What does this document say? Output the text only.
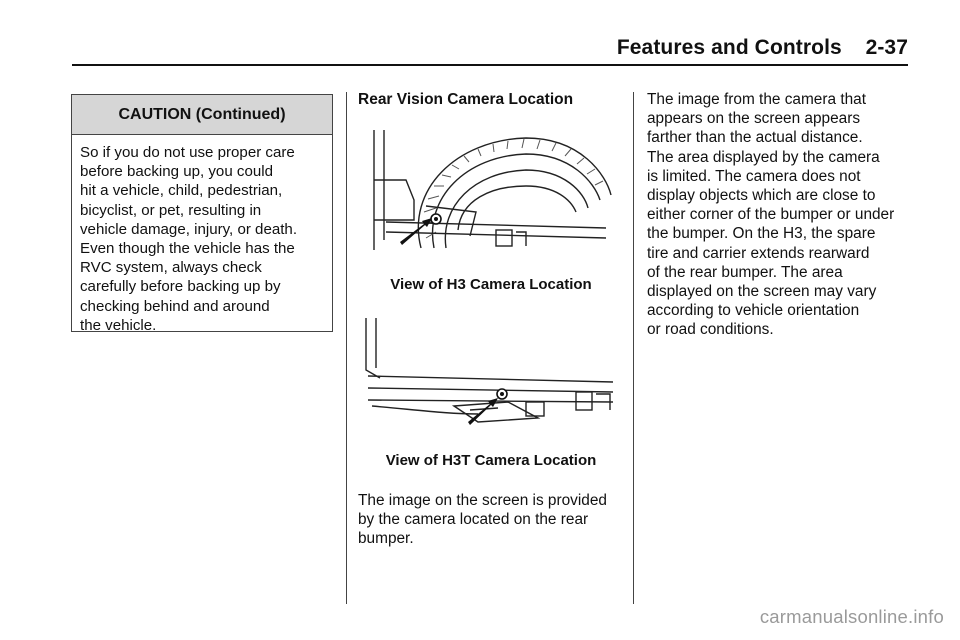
Features and Controls 2-37
CAUTION (Continued)
So if you do not use proper care
before backing up, you could
hit a vehicle, child, pedestrian,
bicyclist, or pet, resulting in
vehicle damage, injury, or death.
Even though the vehicle has the
RVC system, always check
carefully before backing up by
checking behind and around
the vehicle.
Rear Vision Camera Location
View of H3 Camera Location
View of H3T Camera Location
The image on the screen is provided
by the camera located on the rear
bumper.
The image from the camera that
appears on the screen appears
farther than the actual distance.
The area displayed by the camera
is limited. The camera does not
display objects which are close to
either corner of the bumper or under
the bumper. On the H3, the spare
tire and carrier extends rearward
of the rear bumper. The area
displayed on the screen may vary
according to vehicle orientation
or road conditions.
carmanualsonline.info
